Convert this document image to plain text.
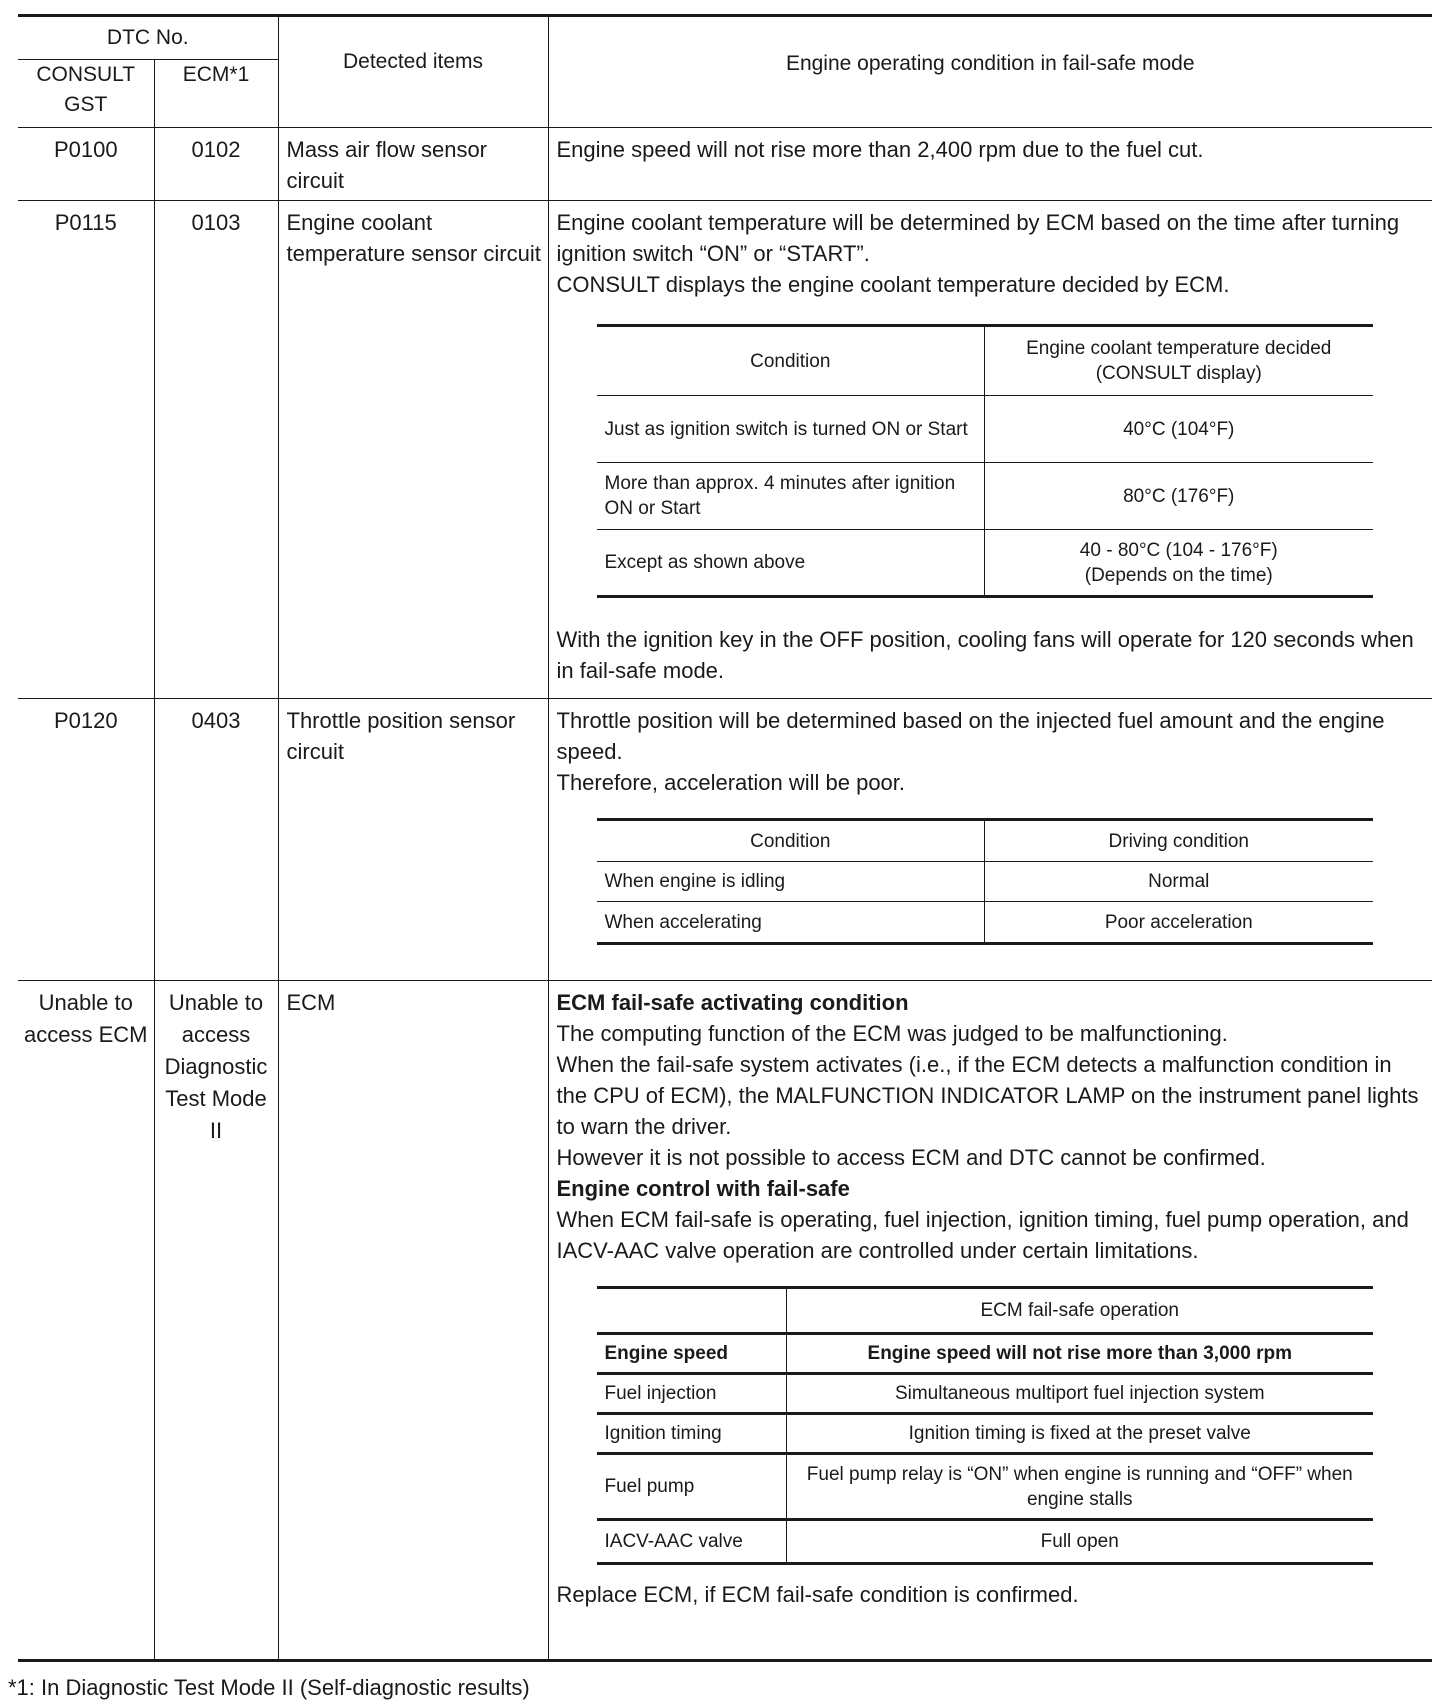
DTC No.	Detected items	Engine operating condition in fail-safe mode
CONSULT GST	ECM*1
P0100	0102	Mass air flow sensor circuit	Engine speed will not rise more than 2,400 rpm due to the fuel cut.
P0115	0103	Engine coolant temperature sensor circuit	

Engine coolant temperature will be determined by ECM based on the time after turning ignition switch “ON” or “START”.

CONSULT displays the engine coolant temperature decided by ECM.

Condition	Engine coolant temperature decided (CONSULT display)
Just as ignition switch is turned ON or Start	40°C (104°F)
More than approx. 4 minutes after ignition ON or Start	80°C (176°F)
Except as shown above	40 - 80°C (104 - 176°F) (Depends on the time)

With the ignition key in the OFF position, cooling fans will operate for 120 seconds when in fail-safe mode.

P0120	0403	Throttle position sensor circuit	

Throttle position will be determined based on the injected fuel amount and the engine speed.

Therefore, acceleration will be poor.

Condition	Driving condition
When engine is idling	Normal
When accelerating	Poor acceleration

Unable to access ECM	Unable to access Diagnostic Test Mode II	ECM	ECM fail-safe activating condition

The computing function of the ECM was judged to be malfunctioning.

When the fail-safe system activates (i.e., if the ECM detects a malfunction condition in the CPU of ECM), the MALFUNCTION INDICATOR LAMP on the instrument panel lights to warn the driver.

However it is not possible to access ECM and DTC cannot be confirmed.

Engine control with fail-safe

When ECM fail-safe is operating, fuel injection, ignition timing, fuel pump operation, and IACV-AAC valve operation are controlled under certain limitations.

	ECM fail-safe operation
Engine speed	Engine speed will not rise more than 3,000 rpm
Fuel injection	Simultaneous multiport fuel injection system
Ignition timing	Ignition timing is fixed at the preset valve
Fuel pump	Fuel pump relay is “ON” when engine is running and “OFF” when engine stalls
IACV-AAC valve	Full open

Replace ECM, if ECM fail-safe condition is confirmed.

*1: In Diagnostic Test Mode II (Self-diagnostic results)
